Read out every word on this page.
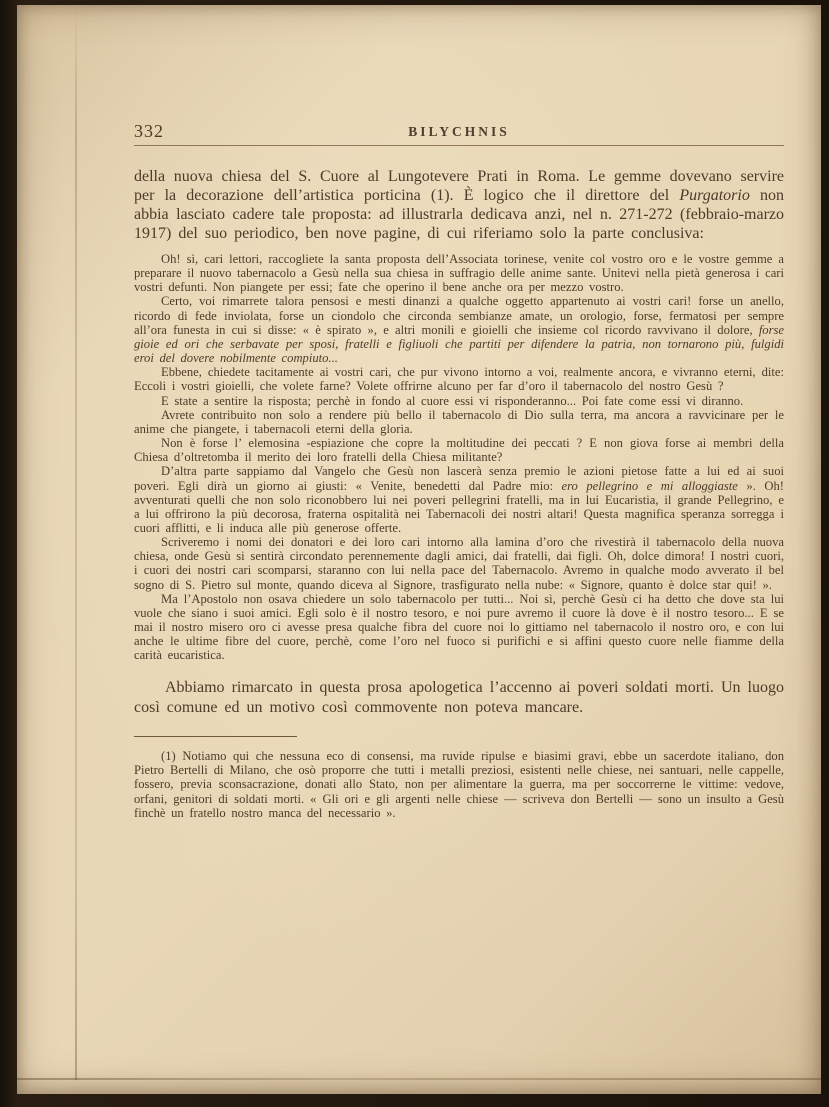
332	BILYCHNIS

della nuova chiesa del S. Cuore al Lungotevere Prati in Roma. Le gemme dovevano servire per la decorazione dell’artistica porticina (1). È logico che il direttore del Purgatorio non abbia lasciato cadere tale proposta: ad illustrarla dedicava anzi, nel n. 271-272 (febbraio-marzo 1917) del suo periodico, ben nove pagine, di cui riferiamo solo la parte conclusiva:

Oh! sì, cari lettori, raccogliete la santa proposta dell’Associata torinese, venite col vostro oro e le vostre gemme a preparare il nuovo tabernacolo a Gesù nella sua chiesa in suffragio delle anime sante. Unitevi nella pietà generosa i cari vostri defunti. Non piangete per essi; fate che operino il bene anche ora per mezzo vostro.

Certo, voi rimarrete talora pensosi e mesti dinanzi a qualche oggetto appartenuto ai vostri cari! forse un anello, ricordo di fede inviolata, forse un ciondolo che circonda sembianze amate, un orologio, forse, fermatosi per sempre all’ora funesta in cui si disse: « è spirato », e altri monili e gioielli che insieme col ricordo ravvivano il dolore, forse gioie ed ori che serbavate per sposi, fratelli e figliuoli che partiti per difendere la patria, non tornarono più, fulgidi eroi del dovere nobilmente compiuto...

Ebbene, chiedete tacitamente ai vostri cari, che pur vivono intorno a voi, realmente ancora, e vivranno eterni, dite: Eccoli i vostri gioielli, che volete farne? Volete offrirne alcuno per far d’oro il tabernacolo del nostro Gesù ?

E state a sentire la risposta; perchè in fondo al cuore essi vi risponderanno... Poi fate come essi vi diranno.

Avrete contribuito non solo a rendere più bello il tabernacolo di Dio sulla terra, ma ancora a ravvicinare per le anime che piangete, i tabernacoli eterni della gloria.

Non è forse l’ elemosina -espiazione che copre la moltitudine dei peccati ? E non giova forse ai membri della Chiesa d’oltretomba il merito dei loro fratelli della Chiesa militante?

D’altra parte sappiamo dal Vangelo che Gesù non lascerà senza premio le azioni pietose fatte a lui ed ai suoi poveri. Egli dirà un giorno ai giusti: « Venite, benedetti dal Padre mio: ero pellegrino e mi alloggiaste ». Oh! avventurati quelli che non solo riconobbero lui nei poveri pellegrini fratelli, ma in lui Eucaristia, il grande Pellegrino, e a lui offrirono la più decorosa, fraterna ospitalità nei Tabernacoli dei nostri altari! Questa magnifica speranza sorregga i cuori afflitti, e li induca alle più generose offerte.

Scriveremo i nomi dei donatori e dei loro cari intorno alla lamina d’oro che rivestirà il tabernacolo della nuova chiesa, onde Gesù si sentirà circondato perennemente dagli amici, dai fratelli, dai figli. Oh, dolce dimora! I nostri cuori, i cuori dei nostri cari scomparsi, staranno con lui nella pace del Tabernacolo. Avremo in qualche modo avverato il bel sogno di S. Pietro sul monte, quando diceva al Signore, trasfigurato nella nube: « Signore, quanto è dolce star qui! ».

Ma l’Apostolo non osava chiedere un solo tabernacolo per tutti... Noi sì, perchè Gesù ci ha detto che dove sta lui vuole che siano i suoi amici. Egli solo è il nostro tesoro, e noi pure avremo il cuore là dove è il nostro tesoro... E se mai il nostro misero oro ci avesse presa qualche fibra del cuore noi lo gittiamo nel tabernacolo il nostro oro, e con lui anche le ultime fibre del cuore, perchè, come l’oro nel fuoco si purifichi e si affini questo cuore nelle fiamme della carità eucaristica.

Abbiamo rimarcato in questa prosa apologetica l’accenno ai poveri soldati morti. Un luogo così comune ed un motivo così commovente non poteva mancare.

(1) Notiamo qui che nessuna eco di consensi, ma ruvide ripulse e biasimi gravi, ebbe un sacerdote italiano, don Pietro Bertelli di Milano, che osò proporre che tutti i metalli preziosi, esistenti nelle chiese, nei santuari, nelle cappelle, fossero, previa sconsacrazione, donati allo Stato, non per alimentare la guerra, ma per soccorrerne le vittime: vedove, orfani, genitori di soldati morti. « Gli ori e gli argenti nelle chiese — scriveva don Bertelli — sono un insulto a Gesù finchè un fratello nostro manca del necessario ».
